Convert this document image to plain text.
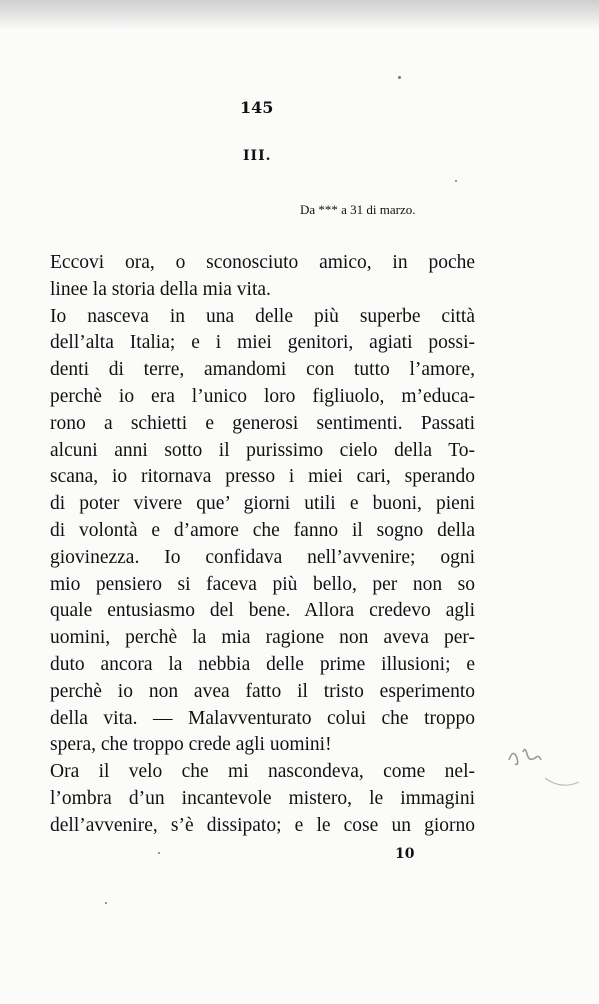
145
III.
Da *** a 31 di marzo.
Eccovi ora, o sconosciuto amico, in poche
linee la storia della mia vita.
Io nasceva in una delle più superbe città
dell’alta Italia; e i miei genitori, agiati possi-
denti di terre, amandomi con tutto l’amore,
perchè io era l’unico loro figliuolo, m’educa-
rono a schietti e generosi sentimenti. Passati
alcuni anni sotto il purissimo cielo della To-
scana, io ritornava presso i miei cari, sperando
di poter vivere que’ giorni utili e buoni, pieni
di volontà e d’amore che fanno il sogno della
giovinezza. Io confidava nell’avvenire; ogni
mio pensiero si faceva più bello, per non so
quale entusiasmo del bene. Allora credevo agli
uomini, perchè la mia ragione non aveva per-
duto ancora la nebbia delle prime illusioni; e
perchè io non avea fatto il tristo esperimento
della vita. — Malavventurato colui che troppo
spera, che troppo crede agli uomini!
Ora il velo che mi nascondeva, come nel-
l’ombra d’un incantevole mistero, le immagini
dell’avvenire, s’è dissipato; e le cose un giorno
10
